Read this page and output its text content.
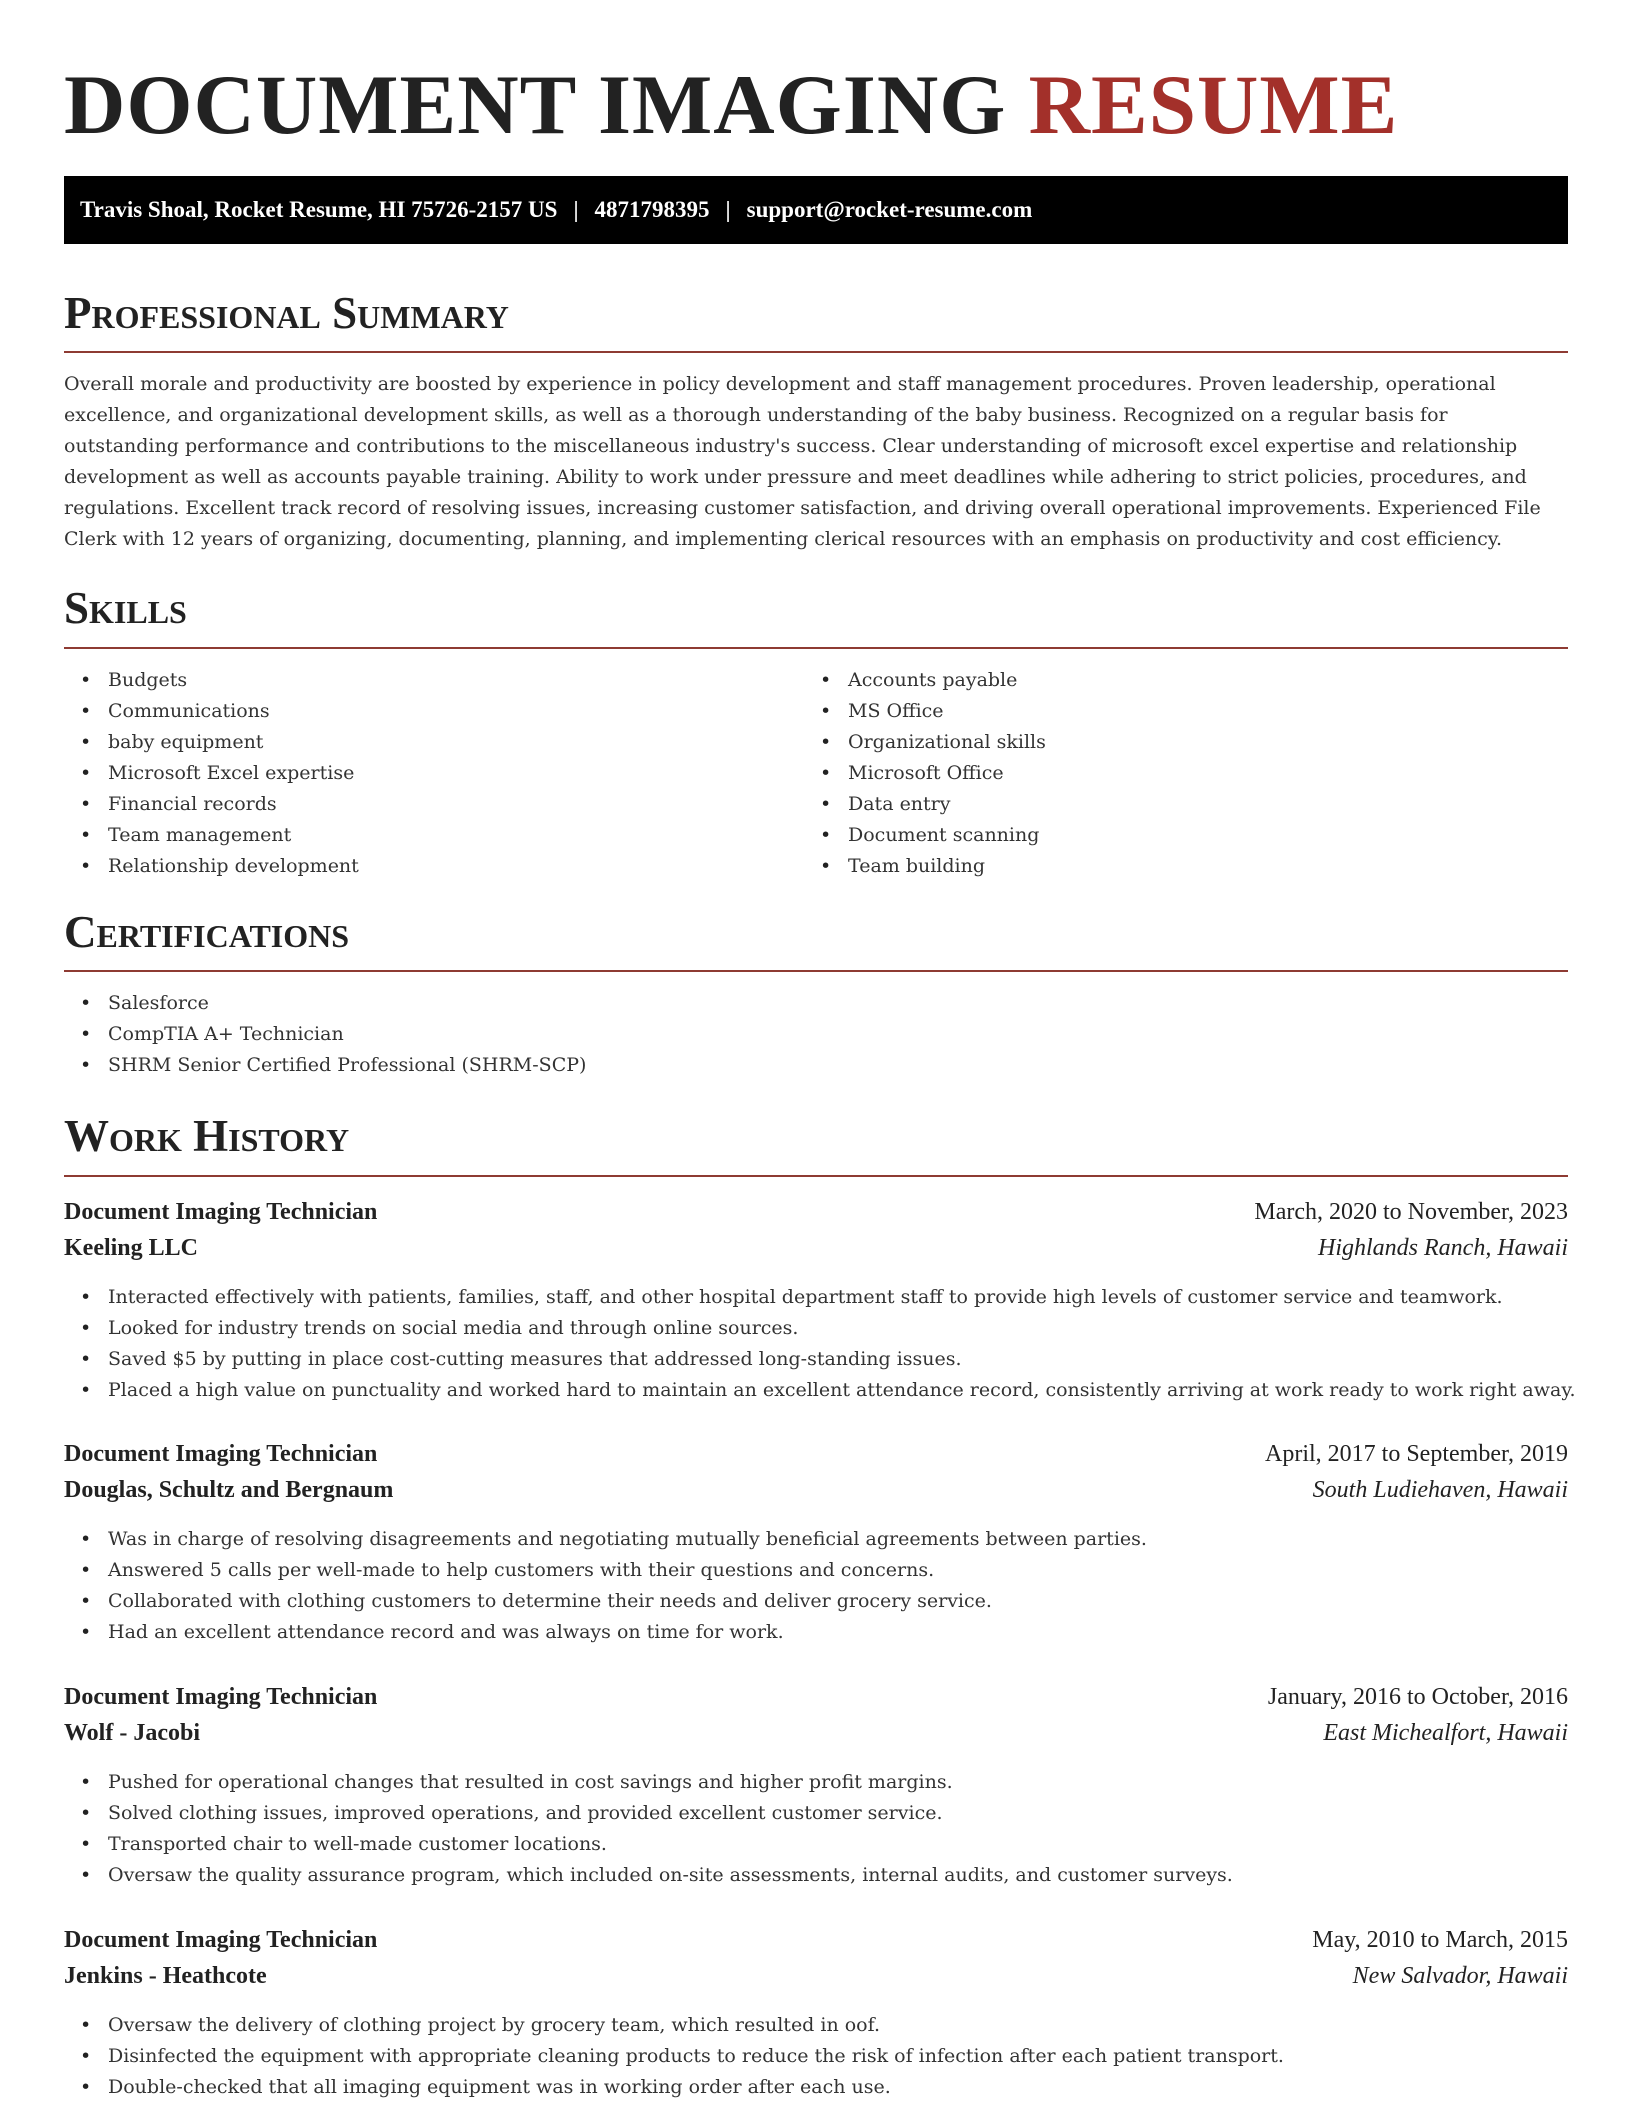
DOCUMENT IMAGING RESUME
Travis Shoal, Rocket Resume, HI 75726-2157 US | 4871798395 | support@rocket-resume.com
Professional Summary

Overall morale and productivity are boosted by experience in policy development and staff management procedures. Proven leadership, operational excellence, and organizational development skills, as well as a thorough understanding of the baby business. Recognized on a regular basis for outstanding performance and contributions to the miscellaneous industry's success. Clear understanding of microsoft excel expertise and relationship development as well as accounts payable training. Ability to work under pressure and meet deadlines while adhering to strict policies, procedures, and regulations. Excellent track record of resolving issues, increasing customer satisfaction, and driving overall operational improvements. Experienced File Clerk with 12 years of organizing, documenting, planning, and implementing clerical resources with an emphasis on productivity and cost efficiency.

Skills
• Budgets
• Communications
• baby equipment
• Microsoft Excel expertise
• Financial records
• Team management
• Relationship development
• Accounts payable
• MS Office
• Organizational skills
• Microsoft Office
• Data entry
• Document scanning
• Team building
Certifications
• Salesforce
• CompTIA A+ Technician
• SHRM Senior Certified Professional (SHRM-SCP)
Work History
Document Imaging Technician	March, 2020 to November, 2023
Keeling LLC	Highlands Ranch, Hawaii
• Interacted effectively with patients, families, staff, and other hospital department staff to provide high levels of customer service and teamwork.
• Looked for industry trends on social media and through online sources.
• Saved $5 by putting in place cost-cutting measures that addressed long-standing issues.
• Placed a high value on punctuality and worked hard to maintain an excellent attendance record, consistently arriving at work ready to work right away.
Document Imaging Technician	April, 2017 to September, 2019
Douglas, Schultz and Bergnaum	South Ludiehaven, Hawaii
• Was in charge of resolving disagreements and negotiating mutually beneficial agreements between parties.
• Answered 5 calls per well-made to help customers with their questions and concerns.
• Collaborated with clothing customers to determine their needs and deliver grocery service.
• Had an excellent attendance record and was always on time for work.
Document Imaging Technician	January, 2016 to October, 2016
Wolf - Jacobi	East Michealfort, Hawaii
• Pushed for operational changes that resulted in cost savings and higher profit margins.
• Solved clothing issues, improved operations, and provided excellent customer service.
• Transported chair to well-made customer locations.
• Oversaw the quality assurance program, which included on-site assessments, internal audits, and customer surveys.
Document Imaging Technician	May, 2010 to March, 2015
Jenkins - Heathcote	New Salvador, Hawaii
• Oversaw the delivery of clothing project by grocery team, which resulted in oof.
• Disinfected the equipment with appropriate cleaning products to reduce the risk of infection after each patient transport.
• Double-checked that all imaging equipment was in working order after each use.
